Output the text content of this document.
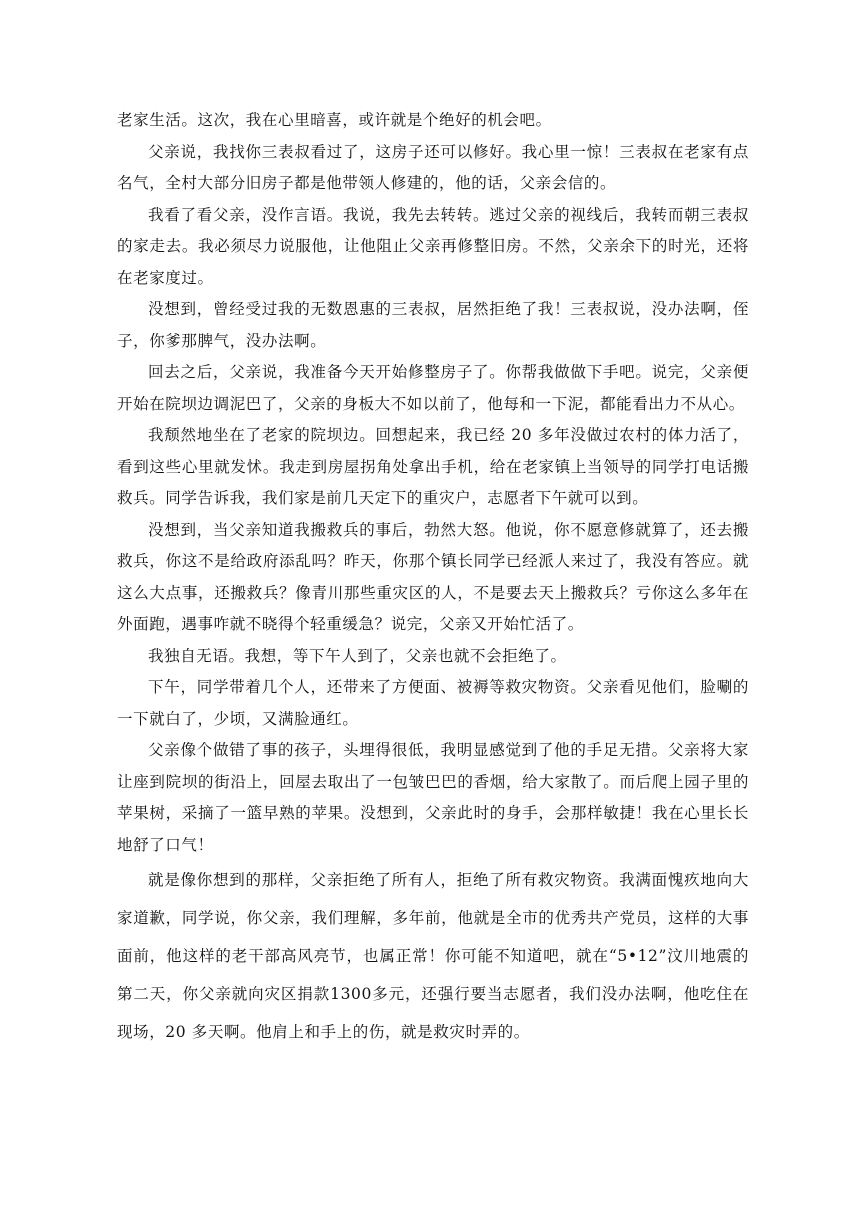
老家生活。这次，我在心里暗喜，或许就是个绝好的机会吧。

父亲说，我找你三表叔看过了，这房子还可以修好。我心里一惊！三表叔在老家有点名气，全村大部分旧房子都是他带领人修建的，他的话，父亲会信的。

我看了看父亲，没作言语。我说，我先去转转。逃过父亲的视线后，我转而朝三表叔的家走去。我必须尽力说服他，让他阻止父亲再修整旧房。不然，父亲余下的时光，还将在老家度过。

没想到，曾经受过我的无数恩惠的三表叔，居然拒绝了我！三表叔说，没办法啊，侄子，你爹那脾气，没办法啊。

回去之后，父亲说，我准备今天开始修整房子了。你帮我做做下手吧。说完，父亲便开始在院坝边调泥巴了，父亲的身板大不如以前了，他每和一下泥，都能看出力不从心。

我颓然地坐在了老家的院坝边。回想起来，我已经 20 多年没做过农村的体力活了，看到这些心里就发怵。我走到房屋拐角处拿出手机，给在老家镇上当领导的同学打电话搬救兵。同学告诉我，我们家是前几天定下的重灾户，志愿者下午就可以到。

没想到，当父亲知道我搬救兵的事后，勃然大怒。他说，你不愿意修就算了，还去搬救兵，你这不是给政府添乱吗？昨天，你那个镇长同学已经派人来过了，我没有答应。就这么大点事，还搬救兵？像青川那些重灾区的人，不是要去天上搬救兵？亏你这么多年在外面跑，遇事咋就不晓得个轻重缓急？说完，父亲又开始忙活了。

我独自无语。我想，等下午人到了，父亲也就不会拒绝了。

下午，同学带着几个人，还带来了方便面、被褥等救灾物资。父亲看见他们，脸唰的一下就白了，少顷，又满脸通红。

父亲像个做错了事的孩子，头埋得很低，我明显感觉到了他的手足无措。父亲将大家让座到院坝的街沿上，回屋去取出了一包皱巴巴的香烟，给大家散了。而后爬上园子里的苹果树，采摘了一篮早熟的苹果。没想到，父亲此时的身手，会那样敏捷！我在心里长长地舒了口气！

就是像你想到的那样，父亲拒绝了所有人，拒绝了所有救灾物资。我满面愧疚地向大家道歉，同学说，你父亲，我们理解，多年前，他就是全市的优秀共产党员，这样的大事面前，他这样的老干部高风亮节，也属正常！你可能不知道吧，就在“5•12”汶川地震的第二天，你父亲就向灾区捐款1300多元，还强行要当志愿者，我们没办法啊，他吃住在现场，20 多天啊。他肩上和手上的伤，就是救灾时弄的。
